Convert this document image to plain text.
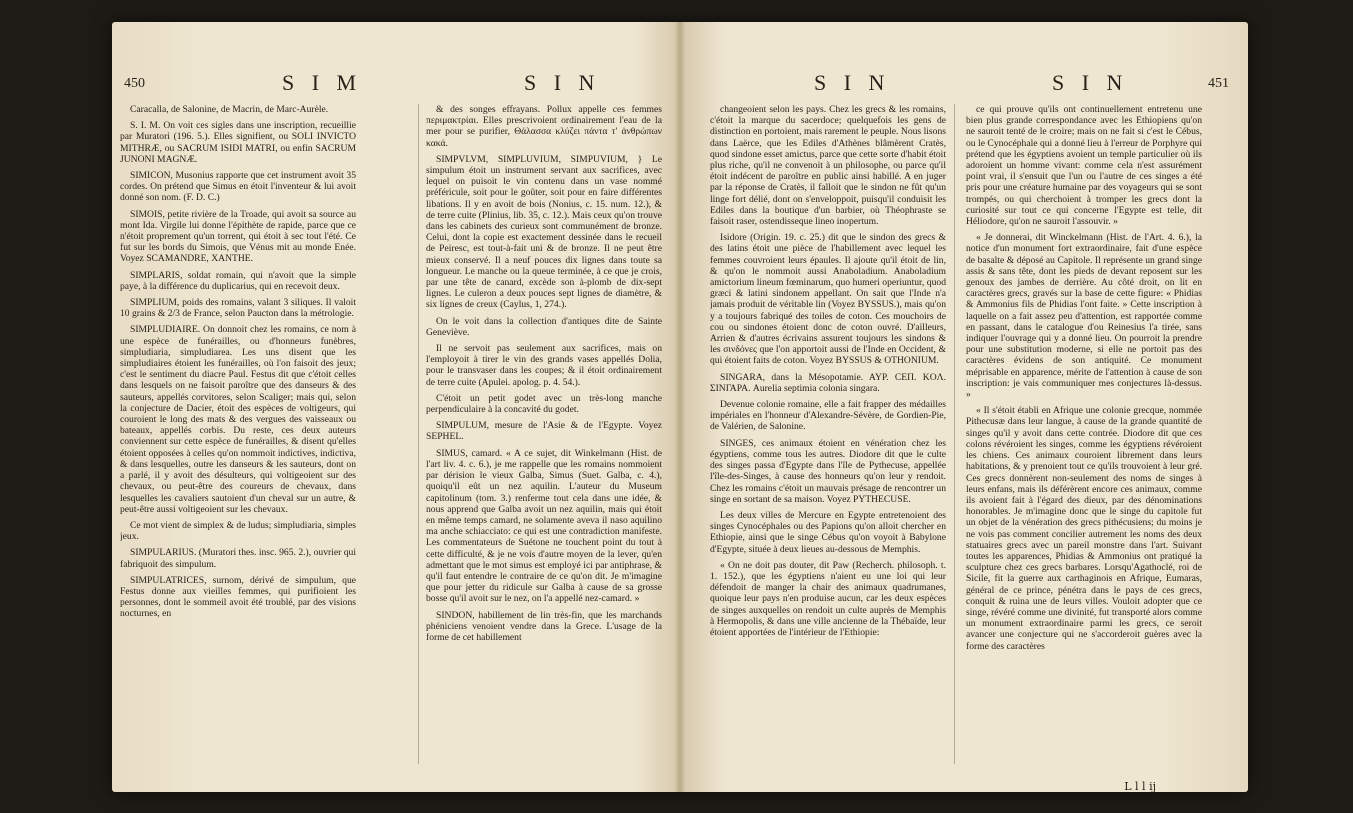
450	S I M	S I N

Caracalla, de Salonine, de Macrin, de Marc-Aurèle.

S. I. M. On voit ces sigles dans une inscription, recueillie par Muratori (196. 5.). Elles signifient, ou SOLI INVICTO MITHRÆ, ou SACRUM ISIDI MATRI, ou enfin SACRUM JUNONI MAGNÆ.

SIMICON, Musonius rapporte que cet instrument avoit 35 cordes. On prétend que Simus en étoit l'inventeur & lui avoit donné son nom. (F. D. C.)

SIMOIS, petite rivière de la Troade, qui avoit sa source au mont Ida. Virgile lui donne l'épithète de rapide, parce que ce n'étoit proprement qu'un torrent, qui étoit à sec tout l'été. Ce fut sur les bords du Simois, que Vénus mit au monde Enée. Voyez SCAMANDRE, XANTHE.

SIMPLARIS, soldat romain, qui n'avoit que la simple paye, à la différence du duplicarius, qui en recevoit deux.

SIMPLIUM, poids des romains, valant 3 siliques. Il valoit 10 grains & 2/3 de France, selon Paucton dans la métrologie.

SIMPLUDIAIRE. On donnoit chez les romains, ce nom à une espèce de funérailles, ou d'honneurs funèbres, simpludiaria, simpludiarea. Les uns disent que les simpludiaires étoient les funérailles, où l'on faisoit des jeux; c'est le sentiment du diacre Paul. Festus dit que c'étoit celles dans lesquels on ne faisoit paroître que des danseurs & des sauteurs, appellés corvitores, selon Scaliger; mais qui, selon la conjecture de Dacier, étoit des espèces de voltigeurs, qui couroient le long des mats & des vergues des vaisseaux ou bateaux, appellés corbis. Du reste, ces deux auteurs conviennent sur cette espèce de funérailles, & disent qu'elles étoient opposées à celles qu'on nommoit indictives, indictiva, & dans lesquelles, outre les danseurs & les sauteurs, dont on a parlé, il y avoit des désulteurs, qui voltigeoient sur des chevaux, ou peut-être des coureurs de chevaux, dans lesquelles les cavaliers sautoient d'un cheval sur un autre, & peut-être aussi voltigeoient sur les chevaux.

Ce mot vient de simplex & de ludus; simpludiaria, simples jeux.

SIMPULARIUS. (Muratori thes. insc. 965. 2.), ouvrier qui fabriquoit des simpulum.

SIMPULATRICES, surnom, dérivé de simpulum, que Festus donne aux vieilles femmes, qui purifioient les personnes, dont le sommeil avoit été troublé, par des visions nocturnes, en

& des songes effrayans. Pollux appelle ces femmes περιμακτρίαι. Elles prescrivoient ordinairement l'eau de la mer pour se purifier, Θάλασσα κλύζει πάντα τ' ἀνθρώπων κακά.

SIMPVLVM, SIMPLUVIUM, SIMPUVIUM, } Le simpulum étoit un instrument servant aux sacrifices, avec lequel on puisoit le vin contenu dans un vase nommé préféricule, soit pour le goûter, soit pour en faire différentes libations. Il y en avoit de bois (Nonius, c. 15. num. 12.), & de terre cuite (Plinius, lib. 35, c. 12.). Mais ceux qu'on trouve dans les cabinets des curieux sont communément de bronze. Celui, dont la copie est exactement dessinée dans le recueil de Peiresc, est tout-à-fait uni & de bronze. Il ne peut être mieux conservé. Il a neuf pouces dix lignes dans toute sa longueur. Le manche ou la queue terminée, à ce que je crois, par une tête de canard, excède son à-plomb de dix-sept lignes. Le culeron a deux pouces sept lignes de diamètre, & six lignes de creux (Caylus, 1, 274.).

On le voit dans la collection d'antiques dite de Sainte Geneviève.

Il ne servoit pas seulement aux sacrifices, mais on l'employoit à tirer le vin des grands vases appellés Dolia, pour le transvaser dans les coupes; & il étoit ordinairement de terre cuite (Apulei. apolog. p. 4. 54.).

C'étoit un petit godet avec un très-long manche perpendiculaire à la concavité du godet.

SIMPULUM, mesure de l'Asie & de l'Egypte. Voyez SEPHEL.

SIMUS, camard. « A ce sujet, dit Winkelmann (Hist. de l'art liv. 4. c. 6.), je me rappelle que les romains nommoient par dérision le vieux Galba, Simus (Suet. Galba, c. 4.), quoiqu'il eût un nez aquilin. L'auteur du Museum capitolinum (tom. 3.) renferme tout cela dans une idée, & nous apprend que Galba avoit un nez aquilin, mais qui étoit en même temps camard, ne solamente aveva il naso aquilino ma anche schiacciato: ce qui est une contradiction manifeste. Les commentateurs de Suétone ne touchent point du tout à cette difficulté, & je ne vois d'autre moyen de la lever, qu'en admettant que le mot simus est employé ici par antiphrase, & qu'il faut entendre le contraire de ce qu'on dit. Je m'imagine que pour jetter du ridicule sur Galba à cause de sa grosse bosse qu'il avoit sur le nez, on l'a appellé nez-camard. »

SINDON, habillement de lin très-fin, que les marchands phéniciens venoient vendre dans la Grece. L'usage de la forme de cet habillement

S I N	S I N	451

changeoient selon les pays. Chez les grecs & les romains, c'étoit la marque du sacerdoce; quelquefois les gens de distinction en portoient, mais rarement le peuple. Nous lisons dans Laërce, que les Ediles d'Athènes blâmèrent Cratès, quod sindone esset amictus, parce que cette sorte d'habit étoit plus riche, qu'il ne convenoit à un philosophe, ou parce qu'il étoit indécent de paroître en public ainsi habillé. A en juger par la réponse de Cratès, il falloit que le sindon ne fût qu'un linge fort délié, dont on s'enveloppoit, puisqu'il conduisit les Ediles dans la boutique d'un barbier, où Théophraste se faisoit raser, ostendisseque lineo inopertum.

Isidore (Origin. 19. c. 25.) dit que le sindon des grecs & des latins étoit une pièce de l'habillement avec lequel les femmes couvroient leurs épaules. Il ajoute qu'il étoit de lin, & qu'on le nommoit aussi Anaboladium. Anaboladium amictorium lineum fœminarum, quo humeri operiuntur, quod græci & latini sindonem appellant. On sait que l'Inde n'a jamais produit de véritable lin (Voyez BYSSUS.), mais qu'on y a toujours fabriqué des toiles de coton. Ces mouchoirs de cou ou sindones étoient donc de coton ouvré. D'ailleurs, Arrien & d'autres écrivains assurent toujours les sindons & les σινδόνες que l'on apportoit aussi de l'Inde en Occident, & qui étoient faits de coton. Voyez BYSSUS & OTHONIUM.

SINGARA, dans la Mésopotamie. AYP. CEΠ. KOΛ. ΣΙΝΓΑΡΑ. Aurelia septimia colonia singara.

Devenue colonie romaine, elle a fait frapper des médailles impériales en l'honneur d'Alexandre-Sévère, de Gordien-Pie, de Valérien, de Salonine.

SINGES, ces animaux étoient en vénération chez les égyptiens, comme tous les autres. Diodore dit que le culte des singes passa d'Egypte dans l'île de Pythecuse, appellée l'île-des-Singes, à cause des honneurs qu'on leur y rendoit. Chez les romains c'étoit un mauvais présage de rencontrer un singe en sortant de sa maison. Voyez PYTHECUSE.

Les deux villes de Mercure en Egypte entretenoient des singes Cynocéphales ou des Papions qu'on alloit chercher en Ethiopie, ainsi que le singe Cébus qu'on voyoit à Babylone d'Egypte, située à deux lieues au-dessous de Memphis.

« On ne doit pas douter, dit Paw (Recherch. philosoph. t. 1. 152.), que les égyptiens n'aient eu une loi qui leur défendoit de manger la chair des animaux quadrumanes, quoique leur pays n'en produise aucun, car les deux espèces de singes auxquelles on rendoit un culte auprès de Memphis à Hermopolis, & dans une ville ancienne de la Thébaïde, leur étoient apportées de l'intérieur de l'Ethiopie:

ce qui prouve qu'ils ont continuellement entretenu une bien plus grande correspondance avec les Ethiopiens qu'on ne sauroit tenté de le croire; mais on ne fait si c'est le Cébus, ou le Cynocéphale qui a donné lieu à l'erreur de Porphyre qui prétend que les égyptiens avoient un temple particulier où ils adoroient un homme vivant: comme cela n'est assurément point vrai, il s'ensuit que l'un ou l'autre de ces singes a été pris pour une créature humaine par des voyageurs qui se sont trompés, ou qui cherchoient à tromper les grecs dont la curiosité sur tout ce qui concerne l'Egypte est telle, dit Héliodore, qu'on ne sauroit l'assouvir. »

« Je donnerai, dit Winckelmann (Hist. de l'Art. 4. 6.), la notice d'un monument fort extraordinaire, fait d'une espèce de basalte & déposé au Capitole. Il représente un grand singe assis & sans tête, dont les pieds de devant reposent sur les genoux des jambes de derrière. Au côté droit, on lit en caractères grecs, gravés sur la base de cette figure: « Phidias & Ammonius fils de Phidias l'ont faite. » Cette inscription à laquelle on a fait assez peu d'attention, est rapportée comme en passant, dans le catalogue d'ou Reinesius l'a tirée, sans indiquer l'ouvrage qui y a donné lieu. On pourroit la prendre pour une substitution moderne, si elle ne portoit pas des caractères évidens de son antiquité. Ce monument méprisable en apparence, mérite de l'attention à cause de son inscription: je vais communiquer mes conjectures là-dessus. »

« Il s'étoit établi en Afrique une colonie grecque, nommée Pithecusæ dans leur langue, à cause de la grande quantité de singes qu'il y avoit dans cette contrée. Diodore dit que ces colons révéroient les singes, comme les égyptiens révéroient les chiens. Ces animaux couroient librement dans leurs habitations, & y prenoient tout ce qu'ils trouvoient à leur gré. Ces grecs donnèrent non-seulement des noms de singes à leurs enfans, mais ils déférèrent encore ces animaux, comme ils avoient fait à l'égard des dieux, par des dénominations honorables. Je m'imagine donc que le singe du capitole fut un objet de la vénération des grecs pithécusiens; du moins je ne vois pas comment concilier autrement les noms des deux statuaires grecs avec un pareil monstre dans l'art. Suivant toutes les apparences, Phidias & Ammonius ont pratiqué la sculpture chez ces grecs barbares. Lorsqu'Agathoclé, roi de Sicile, fit la guerre aux carthaginois en Afrique, Eumaras, général de ce prince, pénétra dans le pays de ces grecs, conquit & ruina une de leurs villes. Vouloit adopter que ce singe, révéré comme une divinité, fut transporté alors comme un monument extraordinaire parmi les grecs, ce seroit avancer une conjecture qui ne s'accorderoit guères avec la forme des caractères

L l l ij
